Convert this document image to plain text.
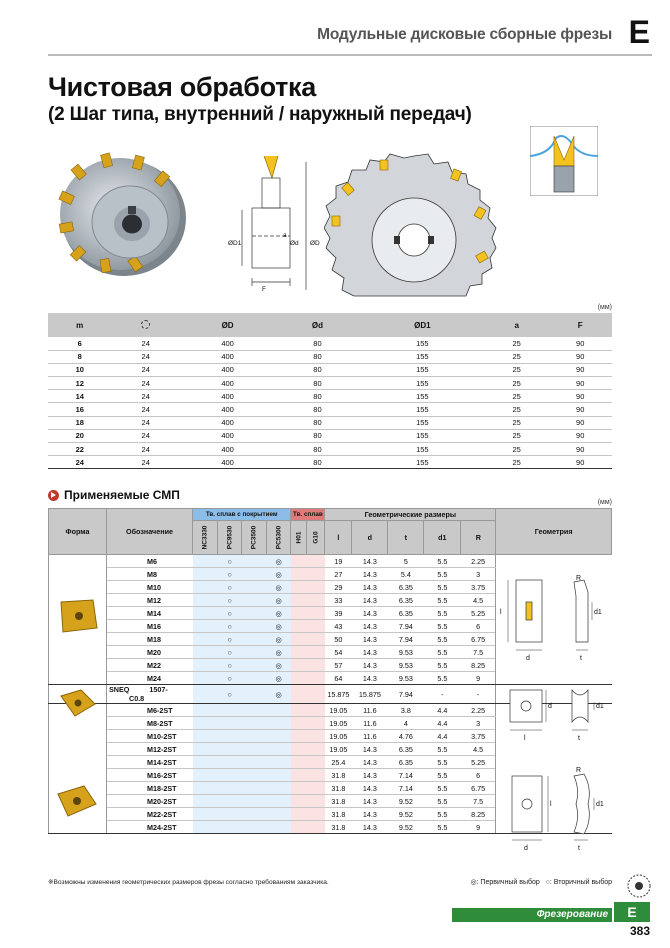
Модульные дисковые сборные фрезы E
Чистовая обработка
(2 Шаг типа, внутренний / наружный передач)
ØD1	Ød ØD
a
F
(мм)
m		ØD	Ød	ØD1	a	F
6	24	400	80	155	25	90
8	24	400	80	155	25	90
10	24	400	80	155	25	90
12	24	400	80	155	25	90
14	24	400	80	155	25	90
16	24	400	80	155	25	90
18	24	400	80	155	25	90
20	24	400	80	155	25	90
22	24	400	80	155	25	90
24	24	400	80	155	25	90
Применяемые СМП
(мм)
Форма	Обозначение	Тв. сплав с покрытием				Тв. сплав		Геометрические размеры					Геометрия
		NC3330	PC9530	PC3500	PC5300	H01	G10	l	d	t	d1	R	
	M6		○		◎			19	14.3	5	5.5	2.25	
	M8		○		◎			27	14.3	5.4	5.5	3	
	M10		○		◎			29	14.3	6.35	5.5	3.75	
	M12		○		◎			33	14.3	6.35	5.5	4.5	
	M14		○		◎			39	14.3	6.35	5.5	5.25	
	M16		○		◎			43	14.3	7.94	5.5	6	
	M18		○		◎			50	14.3	7.94	5.5	6.75	
	M20		○		◎			54	14.3	9.53	5.5	7.5	
	M22		○		◎			57	14.3	9.53	5.5	8.25	
	M24		○		◎			64	14.3	9.53	5.5	9	
	SNEQ 1507-C0.8		○		◎			15.875	15.875	7.94	-	-	
	M6-2ST							19.05	11.6	3.8	4.4	2.25	
	M8-2ST							19.05	11.6	4	4.4	3	
	M10-2ST							19.05	11.6	4.76	4.4	3.75	
	M12-2ST							19.05	14.3	6.35	5.5	4.5	
	M14-2ST							25.4	14.3	6.35	5.5	5.25	
	M16-2ST							31.8	14.3	7.14	5.5	6	
	M18-2ST							31.8	14.3	7.14	5.5	6.75	
	M20-2ST							31.8	14.3	9.52	5.5	7.5	
	M22-2ST							31.8	14.3	9.52	5.5	8.25	
	M24-2ST							31.8	14.3	9.52	5.5	9	
d
l
t
d1
R
l
d
t
d1
d
l
t
d1
R
※Возможны изменения геометрических размеров фрезы согласно требованиям заказчика.	◎: Первичный выбор ○: Вторичный выбор
Фрезерование	E
383
